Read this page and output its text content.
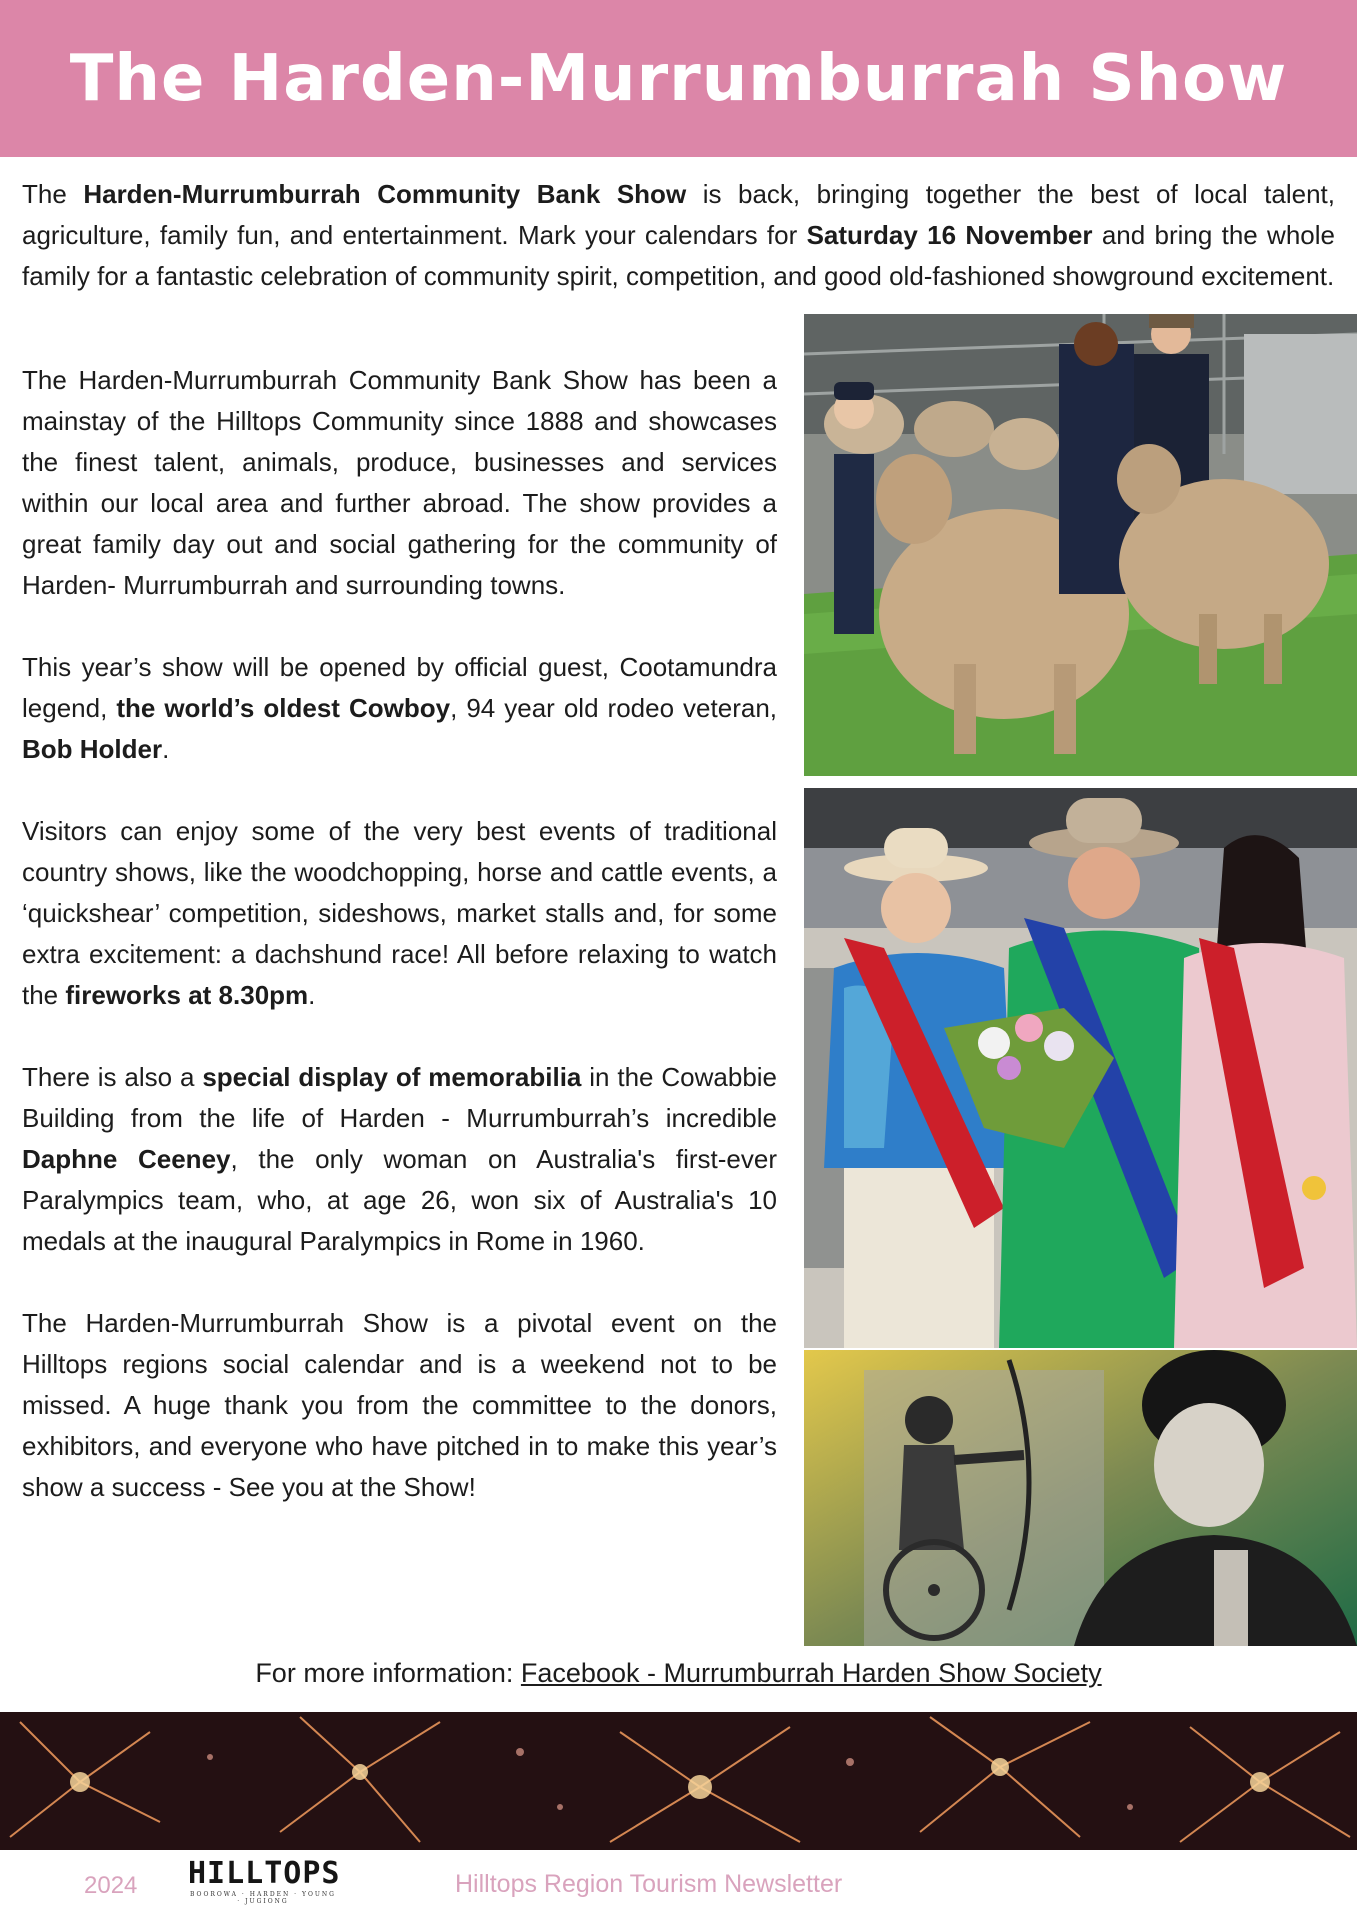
The Harden-Murrumburrah Show

The Harden-Murrumburrah Community Bank Show is back, bringing together the best of local talent, agriculture, family fun, and entertainment. Mark your calendars for Saturday 16 November and bring the whole family for a fantastic celebration of community spirit, competition, and good old-fashioned showground excitement.

The Harden-Murrumburrah Community Bank Show has been a mainstay of the Hilltops Community since 1888 and showcases the finest talent, animals, produce, businesses and services within our local area and further abroad. The show provides a great family day out and social gathering for the community of Harden- Murrumburrah and surrounding towns.

This year’s show will be opened by official guest, Cootamundra legend, the world’s oldest Cowboy, 94 year old rodeo veteran, Bob Holder.

Visitors can enjoy some of the very best events of traditional country shows, like the woodchopping, horse and cattle events, a ‘quickshear’ competition, sideshows, market stalls and, for some extra excitement: a dachshund race! All before relaxing to watch the fireworks at 8.30pm.

There is also a special display of memorabilia in the Cowabbie Building from the life of Harden - Murrumburrah’s incredible Daphne Ceeney, the only woman on Australia's first-ever Paralympics team, who, at age 26, won six of Australia's 10 medals at the inaugural Paralympics in Rome in 1960.

The Harden-Murrumburrah Show is a pivotal event on the Hilltops regions social calendar and is a weekend not to be missed. A huge thank you from the committee to the donors, exhibitors, and everyone who have pitched in to make this year’s show a success - See you at the Show!

For more information: Facebook - Murrumburrah Harden Show Society
2024 HILLTOPS
BOOROWA · HARDEN · YOUNG · JUGIONG
Hilltops Region Tourism Newsletter
